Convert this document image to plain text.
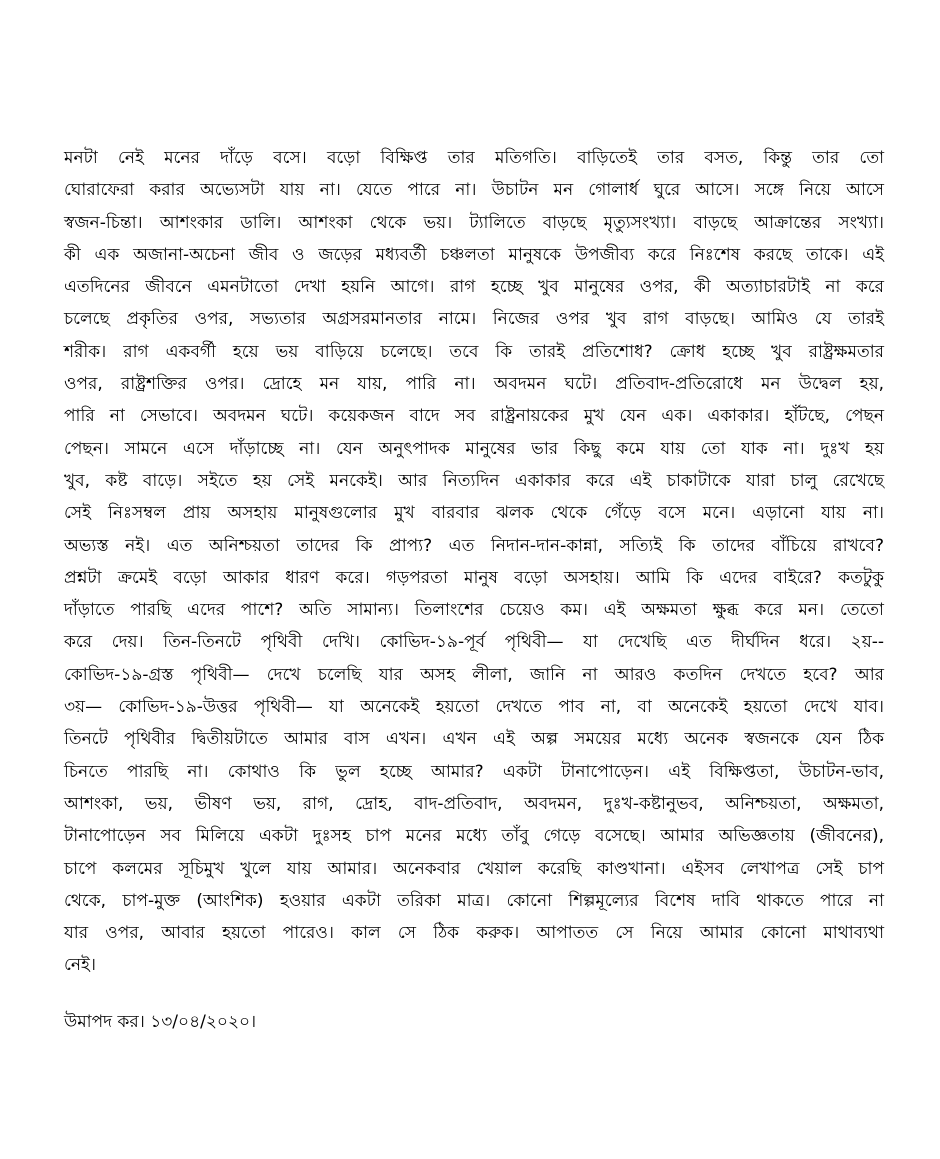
মনটা নেই মনের দাঁড়ে বসে। বড়ো বিক্ষিপ্ত তার মতিগতি। বাড়িতেই তার বসত, কিন্তু তার তো
ঘোরাফেরা করার অভ্যেসটা যায় না। যেতে পারে না। উচাটন মন গোলার্ধ ঘুরে আসে। সঙ্গে নিয়ে আসে
স্বজন-চিন্তা। আশংকার ডালি। আশংকা থেকে ভয়। ট্যালিতে বাড়ছে মৃত্যুসংখ্যা। বাড়ছে আক্রান্তের সংখ্যা।
কী এক অজানা-অচেনা জীব ও জড়ের মধ্যবর্তী চঞ্চলতা মানুষকে উপজীব্য করে নিঃশেষ করছে তাকে। এই
এতদিনের জীবনে এমনটাতো দেখা হয়নি আগে। রাগ হচ্ছে খুব মানুষের ওপর, কী অত্যাচারটাই না করে
চলেছে প্রকৃতির ওপর, সভ্যতার অগ্রসরমানতার নামে। নিজের ওপর খুব রাগ বাড়ছে। আমিও যে তারই
শরীক। রাগ একবর্গী হয়ে ভয় বাড়িয়ে চলেছে। তবে কি তারই প্রতিশোধ? ক্রোধ হচ্ছে খুব রাষ্ট্রক্ষমতার
ওপর, রাষ্ট্রশক্তির ওপর। দ্রোহে মন যায়, পারি না। অবদমন ঘটে। প্রতিবাদ-প্রতিরোধে মন উদ্বেল হয়,
পারি না সেভাবে। অবদমন ঘটে। কয়েকজন বাদে সব রাষ্ট্রনায়কের মুখ যেন এক। একাকার। হাঁটছে, পেছন
পেছন। সামনে এসে দাঁড়াচ্ছে না। যেন অনুৎপাদক মানুষের ভার কিছু কমে যায় তো যাক না। দুঃখ হয়
খুব, কষ্ট বাড়ে। সইতে হয় সেই মনকেই। আর নিত্যদিন একাকার করে এই চাকাটাকে যারা চালু রেখেছে
সেই নিঃসম্বল প্রায় অসহায় মানুষগুলোর মুখ বারবার ঝলক থেকে গেঁড়ে বসে মনে। এড়ানো যায় না।
অভ্যস্ত নই। এত অনিশ্চয়তা তাদের কি প্রাপ্য? এত নিদান-দান-কান্না, সত্যিই কি তাদের বাঁচিয়ে রাখবে?
প্রশ্নটা ক্রমেই বড়ো আকার ধারণ করে। গড়পরতা মানুষ বড়ো অসহায়। আমি কি এদের বাইরে? কতটুকু
দাঁড়াতে পারছি এদের পাশে? অতি সামান্য। তিলাংশের চেয়েও কম। এই অক্ষমতা ক্ষুব্ধ করে মন। তেতো
করে দেয়। তিন-তিনটে পৃথিবী দেখি। কোভিদ-১৯-পূর্ব পৃথিবী— যা দেখেছি এত দীর্ঘদিন ধরে। ২য়--
কোভিদ-১৯-গ্রস্ত পৃথিবী— দেখে চলেছি যার অসহ লীলা, জানি না আরও কতদিন দেখতে হবে? আর
৩য়— কোভিদ-১৯-উত্তর পৃথিবী— যা অনেকেই হয়তো দেখতে পাব না, বা অনেকেই হয়তো দেখে যাব।
তিনটে পৃথিবীর দ্বিতীয়টাতে আমার বাস এখন। এখন এই অল্প সময়ের মধ্যে অনেক স্বজনকে যেন ঠিক
চিনতে পারছি না। কোথাও কি ভুল হচ্ছে আমার? একটা টানাপোড়েন। এই বিক্ষিপ্ততা, উচাটন-ভাব,
আশংকা, ভয়, ভীষণ ভয়, রাগ, দ্রোহ, বাদ-প্রতিবাদ, অবদমন, দুঃখ-কষ্টানুভব, অনিশ্চয়তা, অক্ষমতা,
টানাপোড়েন সব মিলিয়ে একটা দুঃসহ চাপ মনের মধ্যে তাঁবু গেড়ে বসেছে। আমার অভিজ্ঞতায় (জীবনের),
চাপে কলমের সূচিমুখ খুলে যায় আমার। অনেকবার খেয়াল করেছি কাণ্ডখানা। এইসব লেখাপত্র সেই চাপ
থেকে, চাপ-মুক্ত (আংশিক) হওয়ার একটা তরিকা মাত্র। কোনো শিল্পমূল্যের বিশেষ দাবি থাকতে পারে না
যার ওপর, আবার হয়তো পারেও। কাল সে ঠিক করুক। আপাতত সে নিয়ে আমার কোনো মাথাব্যথা
নেই।
উমাপদ কর। ১৩/০৪/২০২০।
